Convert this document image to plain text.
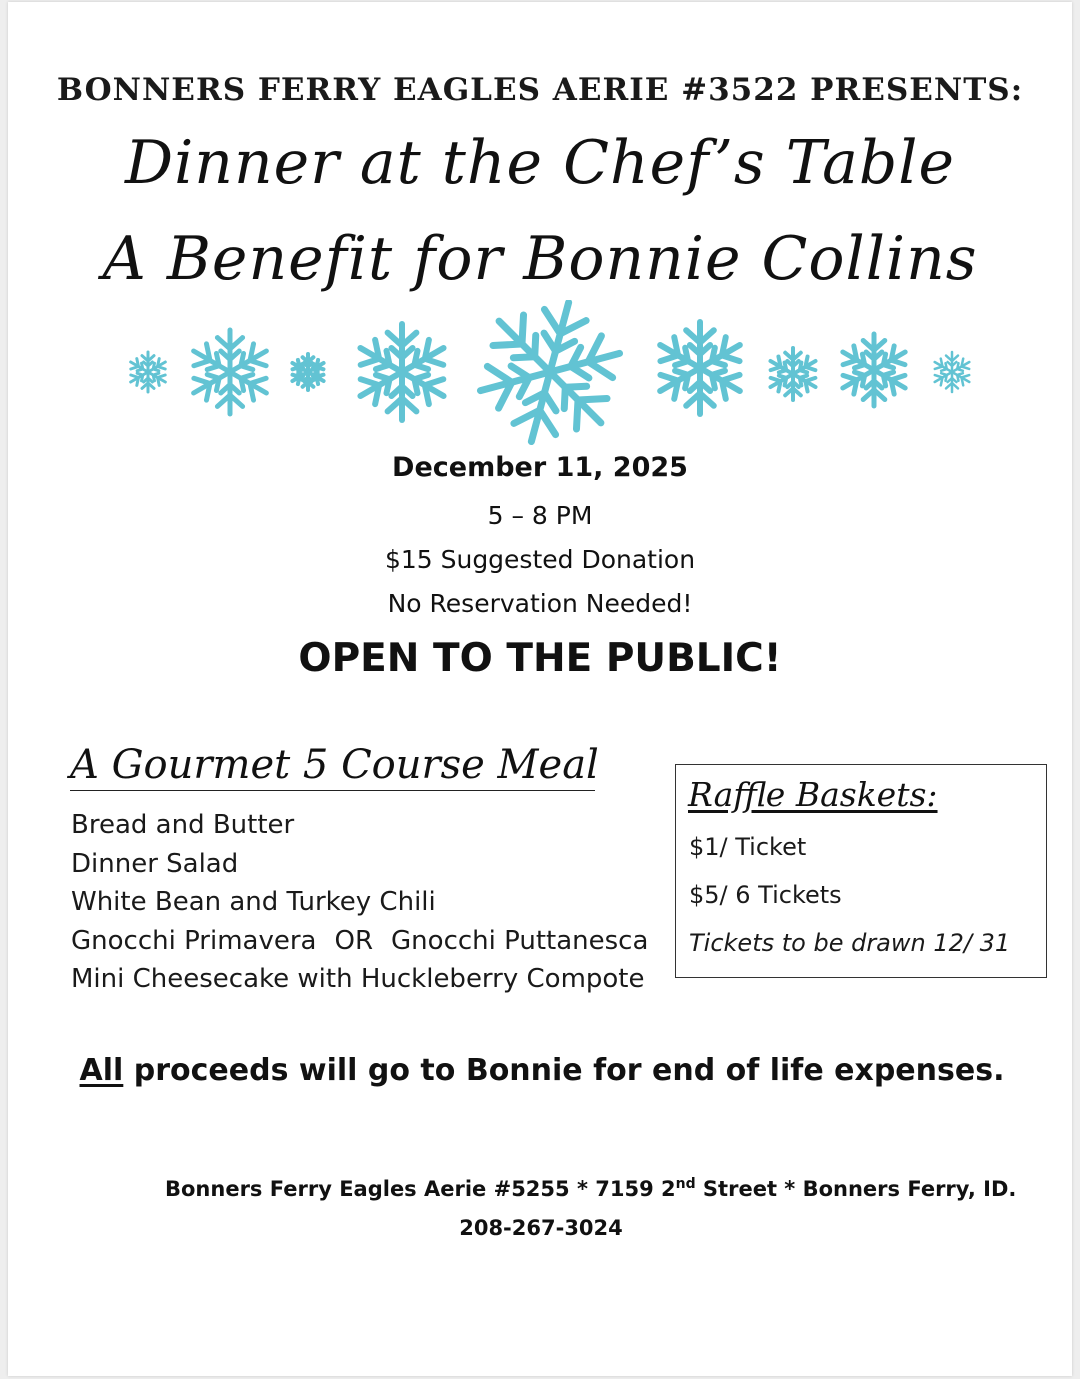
BONNERS FERRY EAGLES AERIE #3522 PRESENTS:
Dinner at the Chef’s Table
A Benefit for Bonnie Collins
December 11, 2025
5 – 8 PM
$15 Suggested Donation
No Reservation Needed!
OPEN TO THE PUBLIC!
A Gourmet 5 Course Meal
Bread and Butter
Dinner Salad
White Bean and Turkey Chili
Gnocchi Primavera OR Gnocchi Puttanesca
Mini Cheesecake with Huckleberry Compote
Raffle Baskets:
$1/ Ticket
$5/ 6 Tickets
Tickets to be drawn 12/ 31
All proceeds will go to Bonnie for end of life expenses.
Bonners Ferry Eagles Aerie #5255 * 7159 2nd Street * Bonners Ferry, ID.
208-267-3024
